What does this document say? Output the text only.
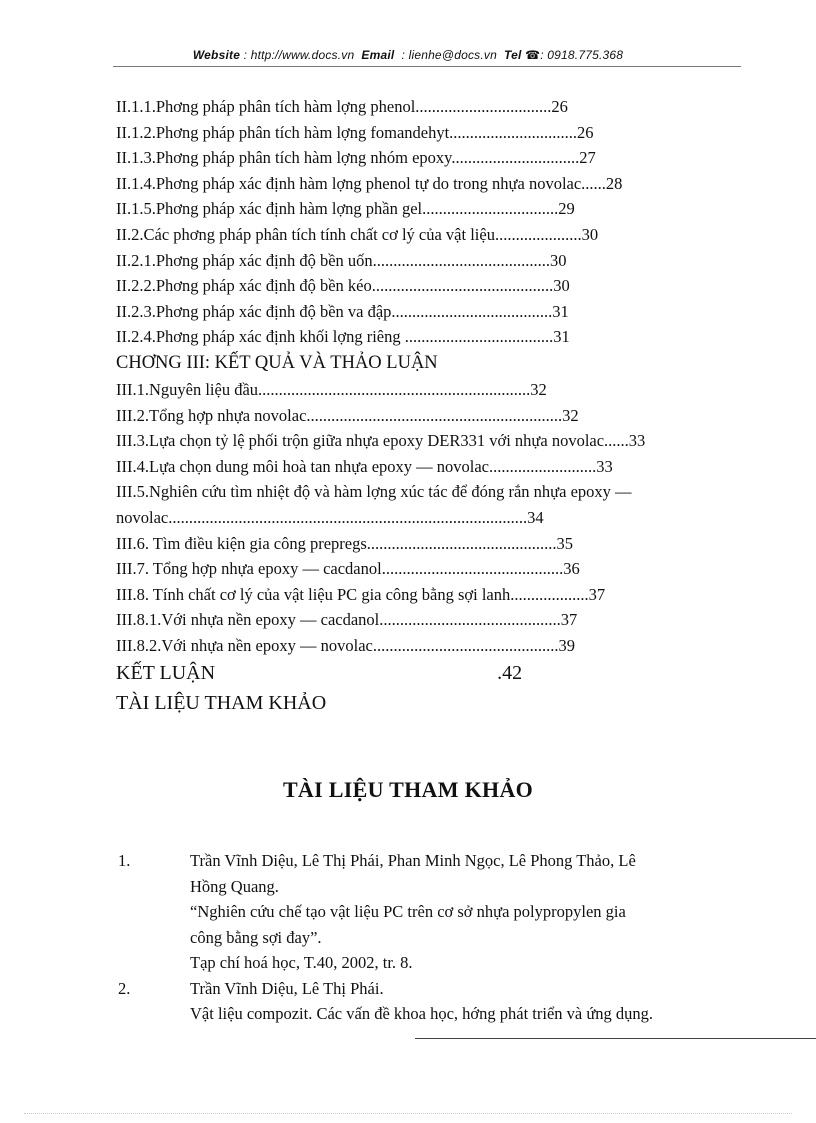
Website : http://www.docs.vn Email : lienhe@docs.vn Tel ☎: 0918.775.368
II.1.1.Phơng pháp phân tích hàm lợng phenol.................................26
II.1.2.Phơng pháp phân tích hàm lợng fomandehyt...............................26
II.1.3.Phơng pháp phân tích hàm lợng nhóm epoxy...............................27
II.1.4.Phơng pháp xác định hàm lợng phenol tự do trong nhựa novolac......28
II.1.5.Phơng pháp xác định hàm lợng phần gel.................................29
II.2.Các phơng pháp phân tích tính chất cơ lý của vật liệu.....................30
II.2.1.Phơng pháp xác định độ bền uốn...........................................30
II.2.2.Phơng pháp xác định độ bền kéo............................................30
II.2.3.Phơng pháp xác định độ bền va đập.......................................31
II.2.4.Phơng pháp xác định khối lợng riêng ....................................31
CHƠNG III: KẾT QUẢ VÀ THẢO LUẬN
III.1.Nguyên liệu đầu..................................................................32
III.2.Tổng hợp nhựa novolac..............................................................32
III.3.Lựa chọn tỷ lệ phối trộn giữa nhựa epoxy DER331 với nhựa novolac......33
III.4.Lựa chọn dung môi hoà tan nhựa epoxy — novolac..........................33
III.5.Nghiên cứu tìm nhiệt độ và hàm lợng xúc tác để đóng rắn nhựa epoxy — novolac.......................................................................................34
III.6. Tìm điều kiện gia công prepregs..............................................35
III.7. Tổng hợp nhựa epoxy — cacdanol............................................36
III.8. Tính chất cơ lý của vật liệu PC gia công bằng sợi lanh...................37
III.8.1.Với nhựa nền epoxy — cacdanol............................................37
III.8.2.Với nhựa nền epoxy — novolac.............................................39
KẾT LUẬN	.42
TÀI LIỆU THAM KHẢO
TÀI LIỆU THAM KHẢO
1.	Trần Vĩnh Diệu, Lê Thị Phái, Phan Minh Ngọc, Lê Phong Thảo, Lê
Hồng Quang.
“Nghiên cứu chế tạo vật liệu PC trên cơ sở nhựa polypropylen gia
công bằng sợi đay”.
Tạp chí hoá học, T.40, 2002, tr. 8.
2.	Trần Vĩnh Diệu, Lê Thị Phái.
Vật liệu compozit. Các vấn đề khoa học, hớng phát triển và ứng dụng.
